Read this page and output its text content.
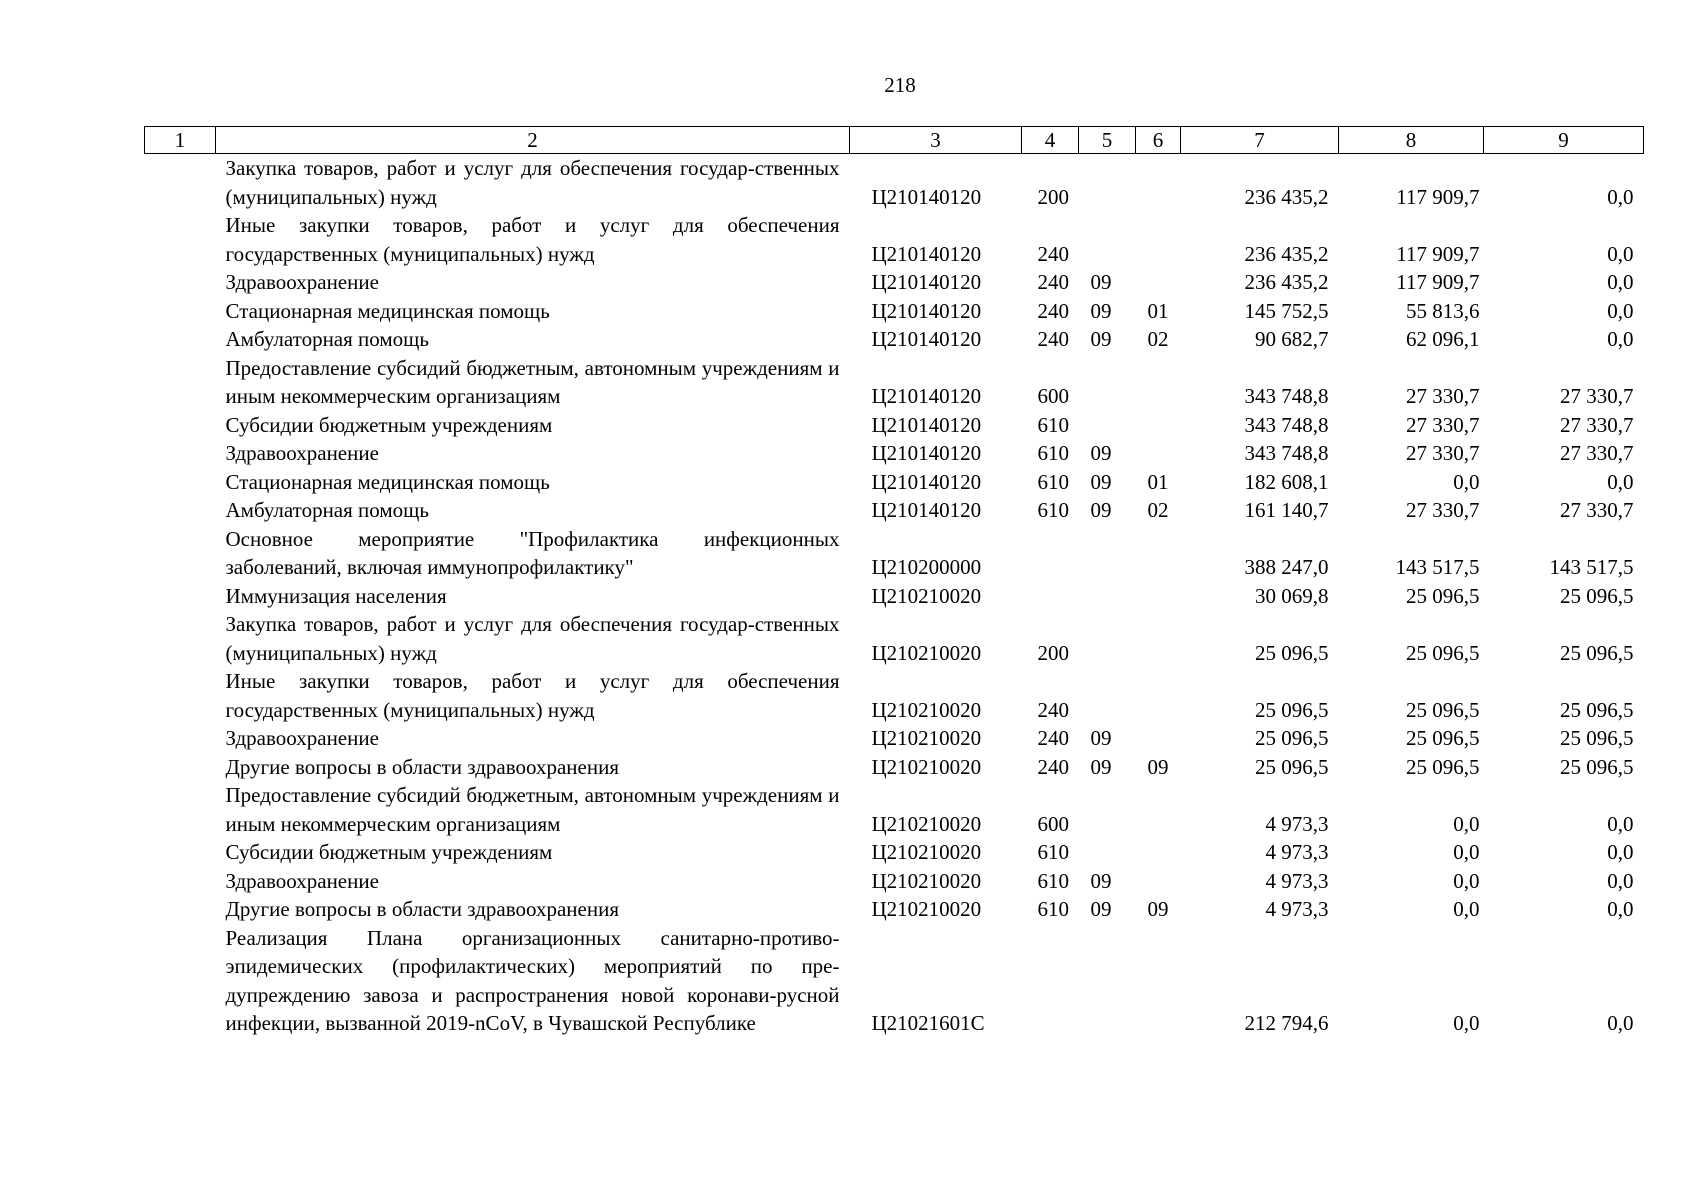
218
1	2	3	4	5	6	7	8	9
	Закупка товаров, работ и услуг для обеспечения государ-ственных (муниципальных) нужд	Ц210140120	200			236 435,2	117 909,7	0,0
	Иные закупки товаров, работ и услуг для обеспечения государственных (муниципальных) нужд	Ц210140120	240			236 435,2	117 909,7	0,0
	Здравоохранение	Ц210140120	240	09		236 435,2	117 909,7	0,0
	Стационарная медицинская помощь	Ц210140120	240	09	01	145 752,5	55 813,6	0,0
	Амбулаторная помощь	Ц210140120	240	09	02	90 682,7	62 096,1	0,0
	Предоставление субсидий бюджетным, автономным учреждениям и иным некоммерческим организациям	Ц210140120	600			343 748,8	27 330,7	27 330,7
	Субсидии бюджетным учреждениям	Ц210140120	610			343 748,8	27 330,7	27 330,7
	Здравоохранение	Ц210140120	610	09		343 748,8	27 330,7	27 330,7
	Стационарная медицинская помощь	Ц210140120	610	09	01	182 608,1	0,0	0,0
	Амбулаторная помощь	Ц210140120	610	09	02	161 140,7	27 330,7	27 330,7
	Основное мероприятие "Профилактика инфекционных заболеваний, включая иммунопрофилактику"	Ц210200000				388 247,0	143 517,5	143 517,5
	Иммунизация населения	Ц210210020				30 069,8	25 096,5	25 096,5
	Закупка товаров, работ и услуг для обеспечения государ-ственных (муниципальных) нужд	Ц210210020	200			25 096,5	25 096,5	25 096,5
	Иные закупки товаров, работ и услуг для обеспечения государственных (муниципальных) нужд	Ц210210020	240			25 096,5	25 096,5	25 096,5
	Здравоохранение	Ц210210020	240	09		25 096,5	25 096,5	25 096,5
	Другие вопросы в области здравоохранения	Ц210210020	240	09	09	25 096,5	25 096,5	25 096,5
	Предоставление субсидий бюджетным, автономным учреждениям и иным некоммерческим организациям	Ц210210020	600			4 973,3	0,0	0,0
	Субсидии бюджетным учреждениям	Ц210210020	610			4 973,3	0,0	0,0
	Здравоохранение	Ц210210020	610	09		4 973,3	0,0	0,0
	Другие вопросы в области здравоохранения	Ц210210020	610	09	09	4 973,3	0,0	0,0
	Реализация Плана организационных санитарно-противо-эпидемических (профилактических) мероприятий по пре-дупреждению завоза и распространения новой коронави-русной инфекции, вызванной 2019-nCoV, в Чувашской Республике	Ц21021601С				212 794,6	0,0	0,0
